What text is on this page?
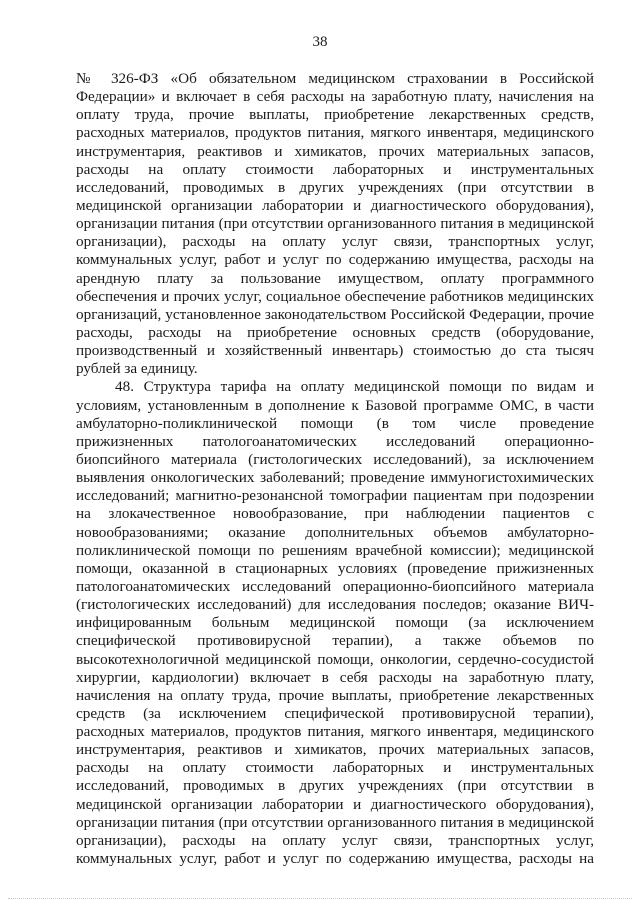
38
№ 326-ФЗ «Об обязательном медицинском страховании в Российской
Федерации» и включает в себя расходы на заработную плату, начисления на
оплату труда, прочие выплаты, приобретение лекарственных средств,
расходных материалов, продуктов питания, мягкого инвентаря, медицинского
инструментария, реактивов и химикатов, прочих материальных запасов,
расходы на оплату стоимости лабораторных и инструментальных
исследований, проводимых в других учреждениях (при отсутствии в
медицинской организации лаборатории и диагностического оборудования),
организации питания (при отсутствии организованного питания в медицинской
организации), расходы на оплату услуг связи, транспортных услуг,
коммунальных услуг, работ и услуг по содержанию имущества, расходы на
арендную плату за пользование имуществом, оплату программного
обеспечения и прочих услуг, социальное обеспечение работников медицинских
организаций, установленное законодательством Российской Федерации, прочие
расходы, расходы на приобретение основных средств (оборудование,
производственный и хозяйственный инвентарь) стоимостью до ста тысяч
рублей за единицу.
48. Структура тарифа на оплату медицинской помощи по видам и
условиям, установленным в дополнение к Базовой программе ОМС, в части
амбулаторно-поликлинической помощи (в том числе проведение
прижизненных патологоанатомических исследований операционно-
биопсийного материала (гистологических исследований), за исключением
выявления онкологических заболеваний; проведение иммуногистохимических
исследований; магнитно-резонансной томографии пациентам при подозрении
на злокачественное новообразование, при наблюдении пациентов с
новообразованиями; оказание дополнительных объемов амбулаторно-
поликлинической помощи по решениям врачебной комиссии); медицинской
помощи, оказанной в стационарных условиях (проведение прижизненных
патологоанатомических исследований операционно-биопсийного материала
(гистологических исследований) для исследования последов; оказание ВИЧ-
инфицированным больным медицинской помощи (за исключением
специфической противовирусной терапии), а также объемов по
высокотехнологичной медицинской помощи, онкологии, сердечно-сосудистой
хирургии, кардиологии) включает в себя расходы на заработную плату,
начисления на оплату труда, прочие выплаты, приобретение лекарственных
средств (за исключением специфической противовирусной терапии),
расходных материалов, продуктов питания, мягкого инвентаря, медицинского
инструментария, реактивов и химикатов, прочих материальных запасов,
расходы на оплату стоимости лабораторных и инструментальных
исследований, проводимых в других учреждениях (при отсутствии в
медицинской организации лаборатории и диагностического оборудования),
организации питания (при отсутствии организованного питания в медицинской
организации), расходы на оплату услуг связи, транспортных услуг,
коммунальных услуг, работ и услуг по содержанию имущества, расходы на
